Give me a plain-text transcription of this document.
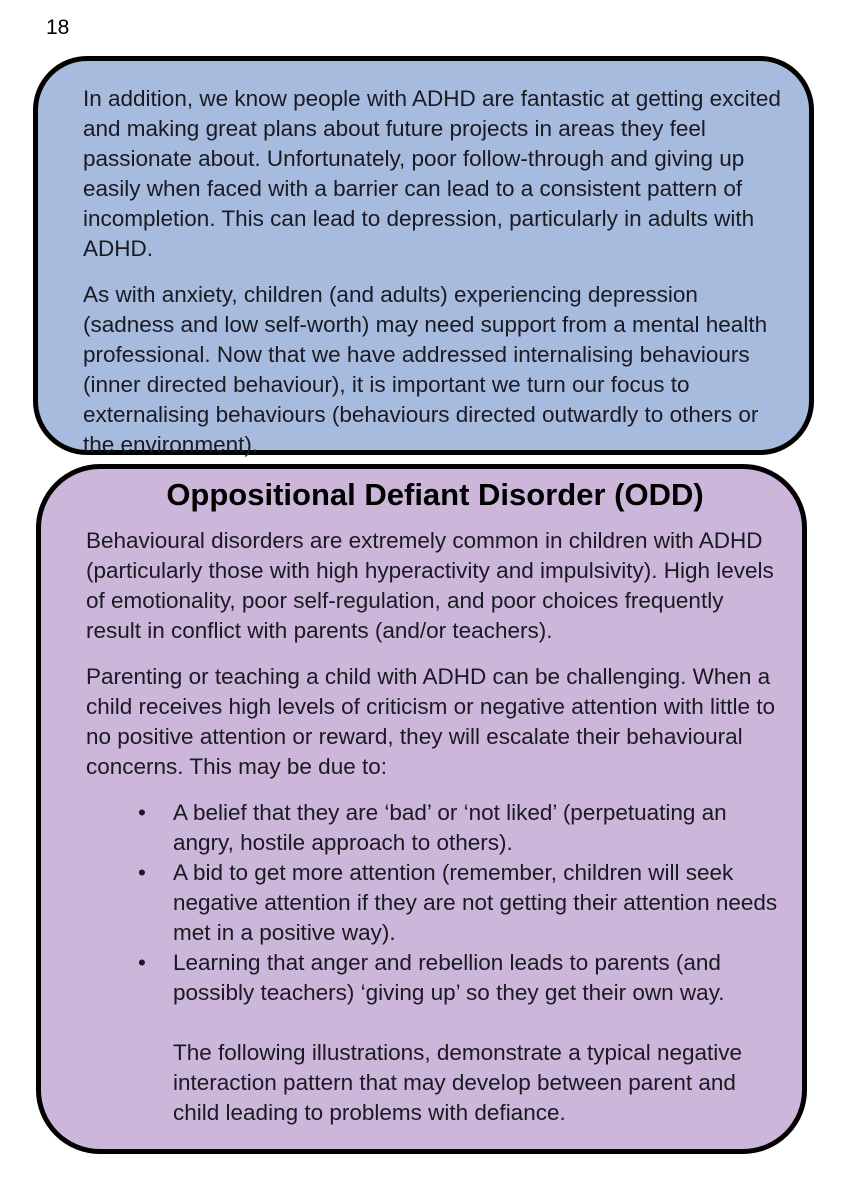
18

In addition, we know people with ADHD are fantastic at getting excited and making great plans about future projects in areas they feel passionate about. Unfortunately, poor follow-through and giving up easily when faced with a barrier can lead to a consistent pattern of incompletion. This can lead to depression, particularly in adults with ADHD.

As with anxiety, children (and adults) experiencing depression (sadness and low self-worth) may need support from a mental health professional. Now that we have addressed internalising behaviours (inner directed behaviour), it is important we turn our focus to externalising behaviours (behaviours directed outwardly to others or the environment).

Oppositional Defiant Disorder (ODD)

Behavioural disorders are extremely common in children with ADHD (particularly those with high hyperactivity and impulsivity). High levels of emotionality, poor self-regulation, and poor choices frequently result in conflict with parents (and/or teachers).

Parenting or teaching a child with ADHD can be challenging. When a child receives high levels of criticism or negative attention with little to no positive attention or reward, they will escalate their behavioural concerns. This may be due to:

•	A belief that they are ‘bad’ or ‘not liked’ (perpetuating an angry, hostile approach to others).
•	A bid to get more attention (remember, children will seek negative attention if they are not getting their attention needs met in a positive way).
•	Learning that anger and rebellion leads to parents (and possibly teachers) ‘giving up’ so they get their own way.

The following illustrations, demonstrate a typical negative interaction pattern that may develop between parent and child leading to problems with defiance.
